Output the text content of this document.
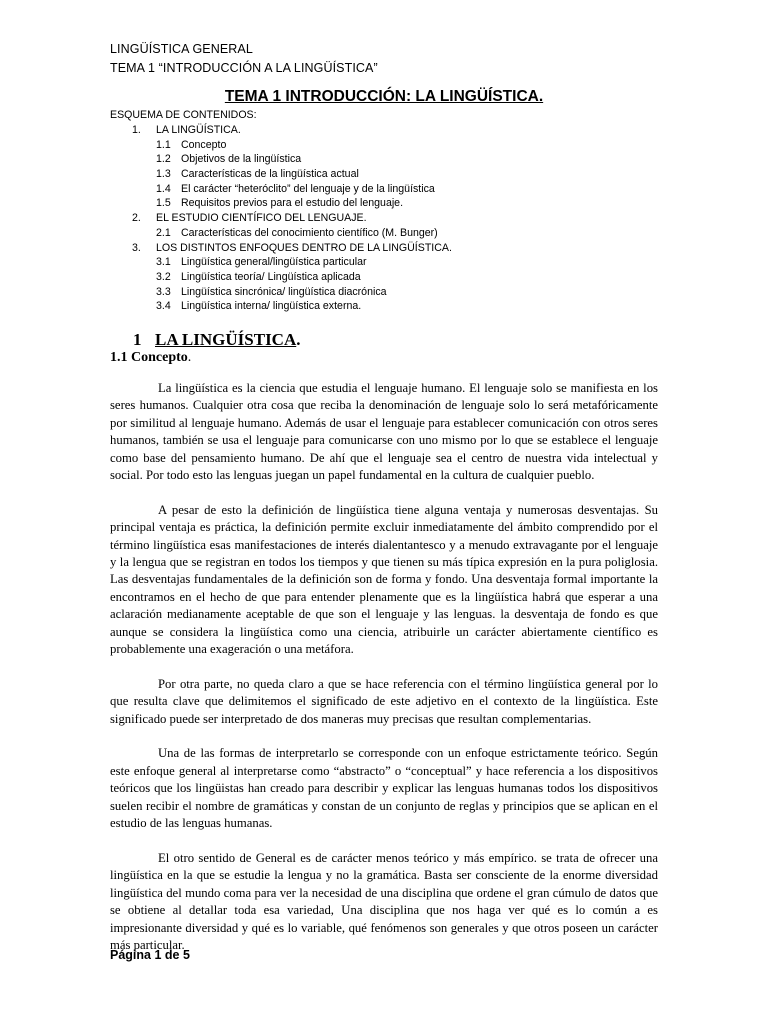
LINGÜÍSTICA GENERAL
TEMA 1 “INTRODUCCIÓN A LA LINGÜÍSTICA”
TEMA 1 INTRODUCCIÓN: LA LINGÜÍSTICA.
ESQUEMA DE CONTENIDOS:
1. LA LINGÜÍSTICA.
1.1 Concepto
1.2 Objetivos de la lingüística
1.3 Características de la lingüística actual
1.4 El carácter “heteróclito” del lenguaje y de la lingüística
1.5 Requisitos previos para el estudio del lenguaje.
2. EL ESTUDIO CIENTÍFICO DEL LENGUAJE.
2.1 Características del conocimiento científico (M. Bunger)
3. LOS DISTINTOS ENFOQUES DENTRO DE LA LINGÜÍSTICA.
3.1 Lingüística general/lingüística particular
3.2 Lingüística teoría/ Lingüística aplicada
3.3 Lingüística sincrónica/ lingüística diacrónica
3.4 Lingüística interna/ lingüística externa.
1 LA LINGÜÍSTICA.
1.1 Concepto.

La lingüística es la ciencia que estudia el lenguaje humano. El lenguaje solo se manifiesta en los seres humanos. Cualquier otra cosa que reciba la denominación de lenguaje solo lo será metafóricamente por similitud al lenguaje humano. Además de usar el lenguaje para establecer comunicación con otros seres humanos, también se usa el lenguaje para comunicarse con uno mismo por lo que se establece el lenguaje como base del pensamiento humano. De ahí que el lenguaje sea el centro de nuestra vida intelectual y social. Por todo esto las lenguas juegan un papel fundamental en la cultura de cualquier pueblo.

A pesar de esto la definición de lingüística tiene alguna ventaja y numerosas desventajas. Su principal ventaja es práctica, la definición permite excluir inmediatamente del ámbito comprendido por el término lingüística esas manifestaciones de interés dialentantesco y a menudo extravagante por el lenguaje y la lengua que se registran en todos los tiempos y que tienen su más típica expresión en la pura poliglosia. Las desventajas fundamentales de la definición son de forma y fondo. Una desventaja formal importante la encontramos en el hecho de que para entender plenamente que es la lingüística habrá que esperar a una aclaración medianamente aceptable de que son el lenguaje y las lenguas. la desventaja de fondo es que aunque se considera la lingüística como una ciencia, atribuirle un carácter abiertamente científico es probablemente una exageración o una metáfora.

Por otra parte, no queda claro a que se hace referencia con el término lingüística general por lo que resulta clave que delimitemos el significado de este adjetivo en el contexto de la lingüística. Este significado puede ser interpretado de dos maneras muy precisas que resultan complementarias.

Una de las formas de interpretarlo se corresponde con un enfoque estrictamente teórico. Según este enfoque general al interpretarse como “abstracto” o “conceptual” y hace referencia a los dispositivos teóricos que los lingüistas han creado para describir y explicar las lenguas humanas todos los dispositivos suelen recibir el nombre de gramáticas y constan de un conjunto de reglas y principios que se aplican en el estudio de las lenguas humanas.

El otro sentido de General es de carácter menos teórico y más empírico. se trata de ofrecer una lingüística en la que se estudie la lengua y no la gramática. Basta ser consciente de la enorme diversidad lingüística del mundo coma para ver la necesidad de una disciplina que ordene el gran cúmulo de datos que se obtiene al detallar toda esa variedad, Una disciplina que nos haga ver qué es lo común a es impresionante diversidad y qué es lo variable, qué fenómenos son generales y que otros poseen un carácter más particular.

Página 1 de 5
